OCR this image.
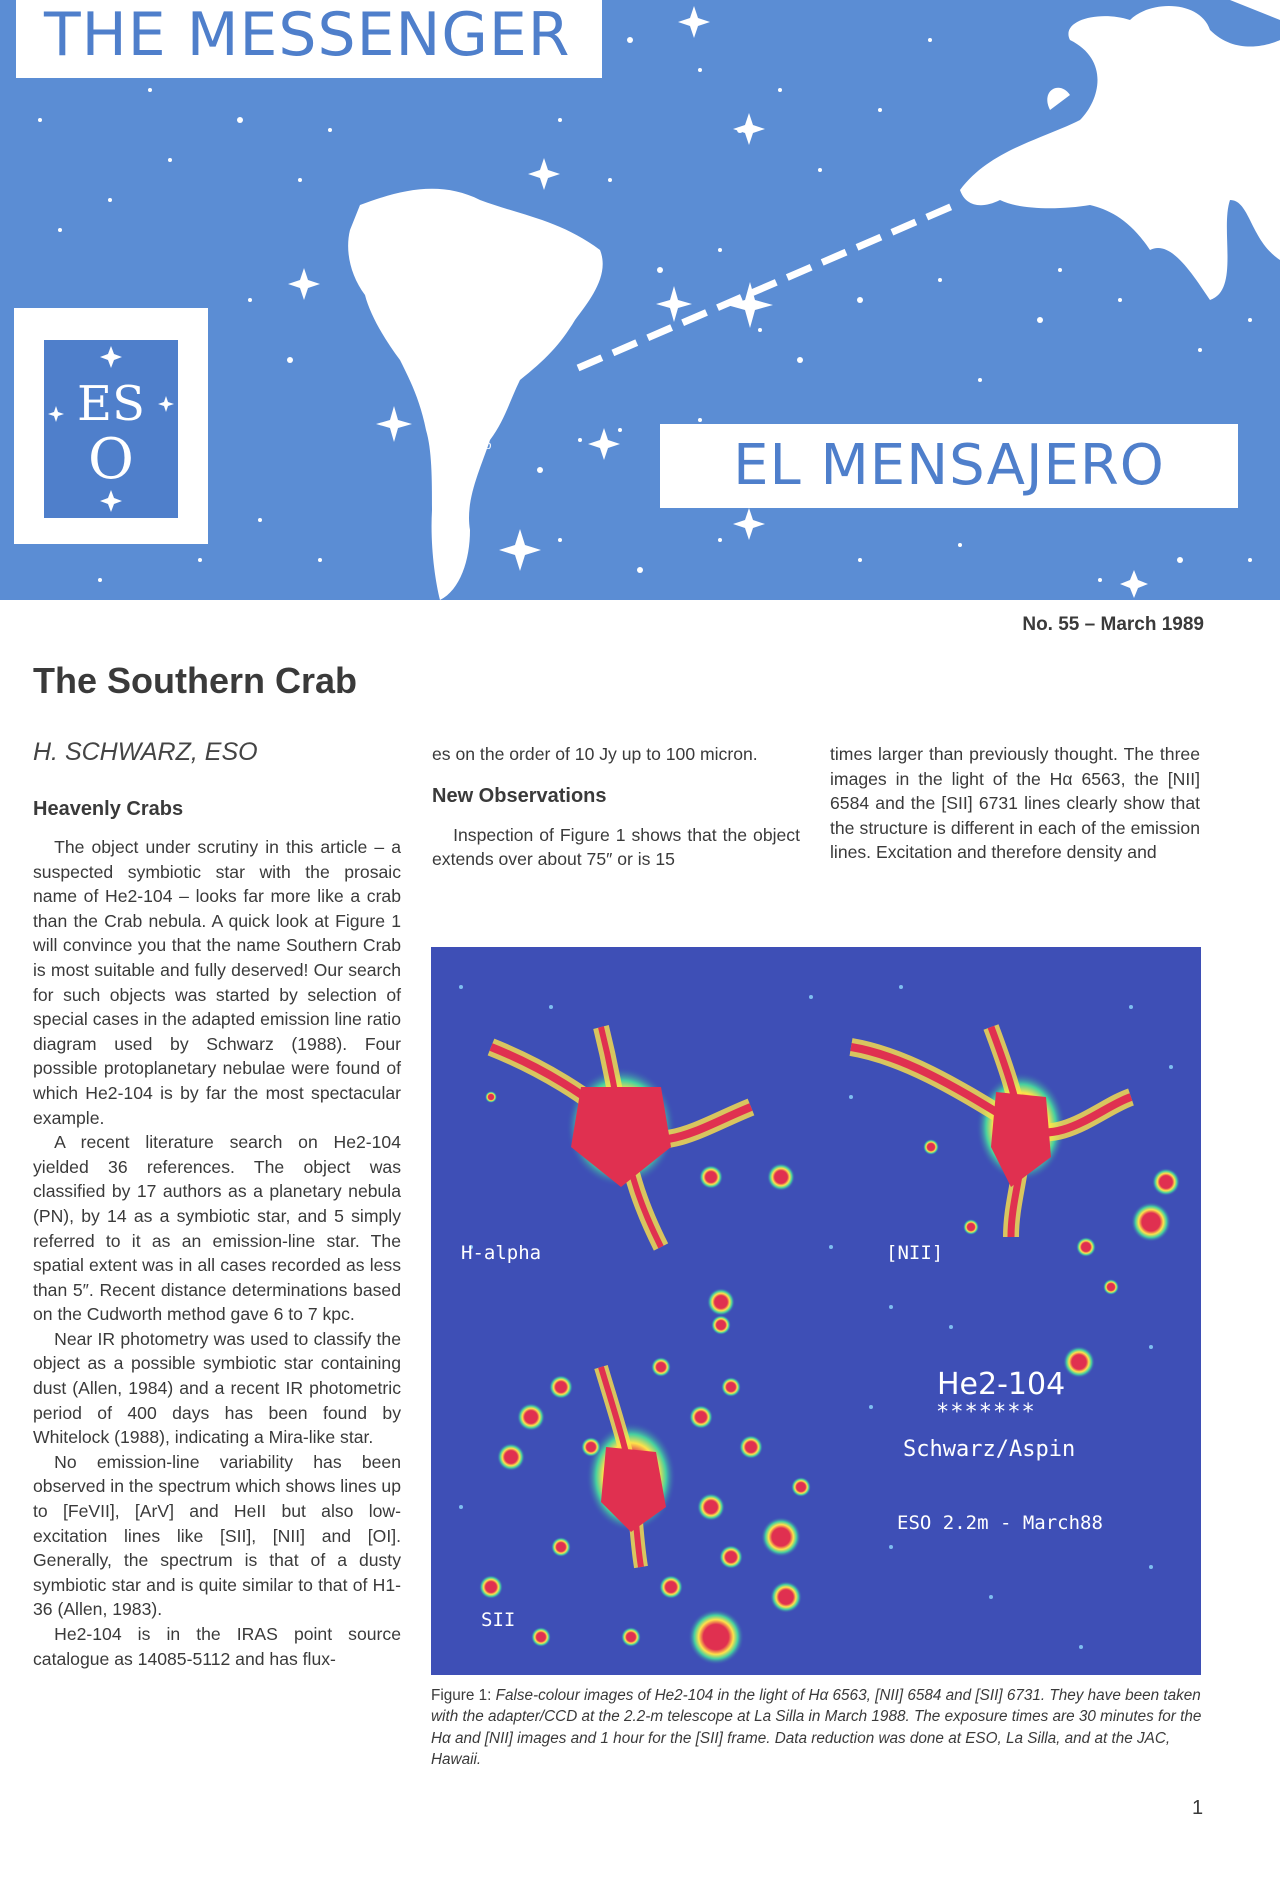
THE MESSENGER
EL MENSAJERO
Munich
La Silla
La Serena
Santiago
ES
O
No. 55 – March 1989
The Southern Crab
H. SCHWARZ, ESO
Heavenly Crabs

The object under scrutiny in this article – a suspected symbiotic star with the prosaic name of He2-104 – looks far more like a crab than the Crab nebula. A quick look at Figure 1 will convince you that the name Southern Crab is most suitable and fully deserved! Our search for such objects was started by selection of special cases in the adapted emission line ratio diagram used by Schwarz (1988). Four possible protoplanetary nebulae were found of which He2-104 is by far the most spectacular example.

A recent literature search on He2-104 yielded 36 references. The object was classified by 17 authors as a planetary nebula (PN), by 14 as a symbiotic star, and 5 simply referred to it as an emission-line star. The spatial extent was in all cases recorded as less than 5″. Recent distance determinations based on the Cudworth method gave 6 to 7 kpc.

Near IR photometry was used to classify the object as a possible symbiotic star containing dust (Allen, 1984) and a recent IR photometric period of 400 days has been found by Whitelock (1988), indicating a Mira-like star.

No emission-line variability has been observed in the spectrum which shows lines up to [FeVII], [ArV] and HeII but also low-excitation lines like [SII], [NII] and [OI]. Generally, the spectrum is that of a dusty symbiotic star and is quite similar to that of H1-36 (Allen, 1983).

He2-104 is in the IRAS point source catalogue as 14085-5112 and has flux-

es on the order of 10 Jy up to 100 micron.

New Observations

Inspection of Figure 1 shows that the object extends over about 75″ or is 15

times larger than previously thought. The three images in the light of the Hα 6563, the [NII] 6584 and the [SII] 6731 lines clearly show that the structure is different in each of the emission lines. Excitation and therefore density and

H-alpha	[NII]
SII
He2-104
*******
Schwarz/Aspin
ESO 2.2m - March88
Figure 1: False-colour images of He2-104 in the light of Hα 6563, [NII] 6584 and [SII] 6731. They have been taken with the adapter/CCD at the 2.2-m telescope at La Silla in March 1988. The exposure times are 30 minutes for the Hα and [NII] images and 1 hour for the [SII] frame. Data reduction was done at ESO, La Silla, and at the JAC, Hawaii.
1
